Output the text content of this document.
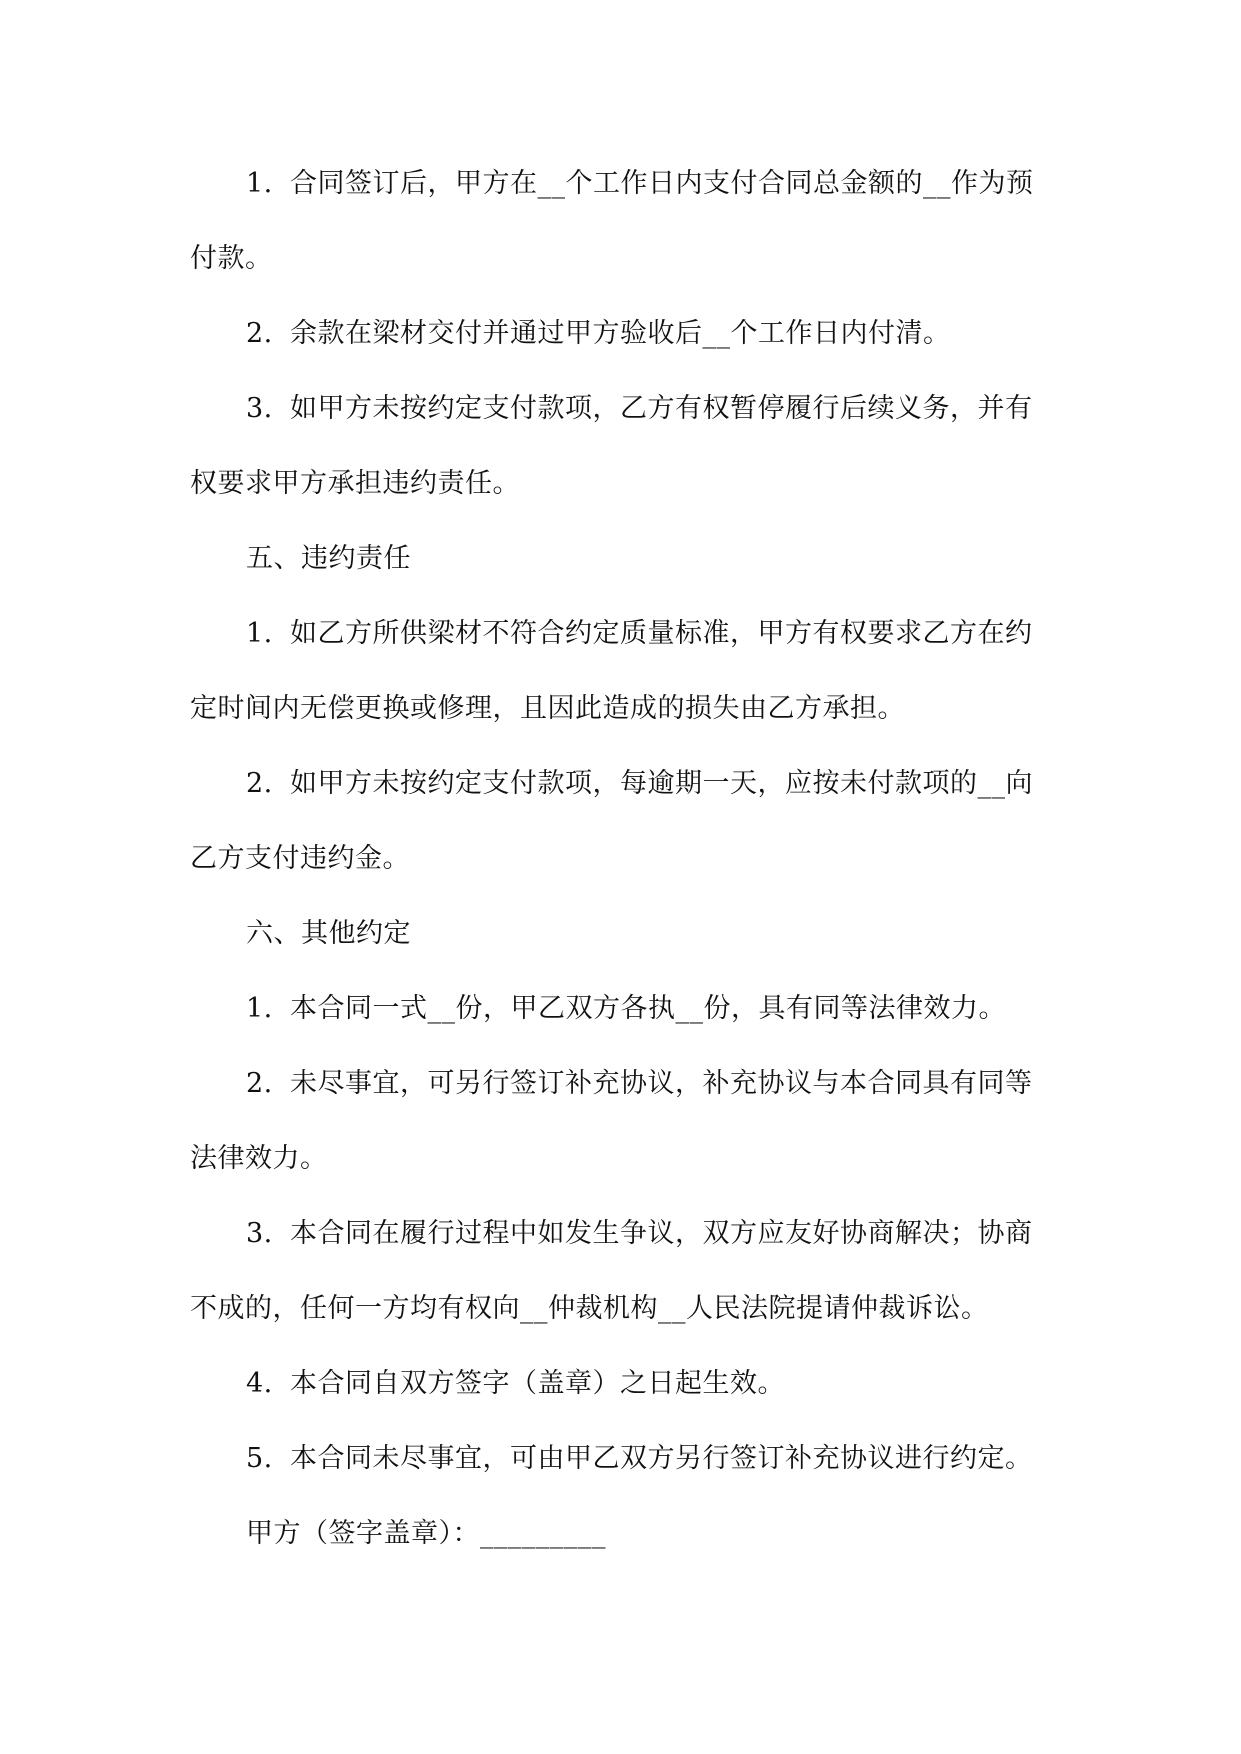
1. 合同签订后，甲方在__个工作日内支付合同总金额的__作为预付款。

2. 余款在梁材交付并通过甲方验收后__个工作日内付清。

3. 如甲方未按约定支付款项，乙方有权暂停履行后续义务，并有权要求甲方承担违约责任。

五、违约责任

1. 如乙方所供梁材不符合约定质量标准，甲方有权要求乙方在约定时间内无偿更换或修理，且因此造成的损失由乙方承担。

2. 如甲方未按约定支付款项，每逾期一天，应按未付款项的__向乙方支付违约金。

六、其他约定

1. 本合同一式__份，甲乙双方各执__份，具有同等法律效力。

2. 未尽事宜，可另行签订补充协议，补充协议与本合同具有同等法律效力。

3. 本合同在履行过程中如发生争议，双方应友好协商解决；协商不成的，任何一方均有权向__仲裁机构__人民法院提请仲裁诉讼。

4. 本合同自双方签字（盖章）之日起生效。

5. 本合同未尽事宜，可由甲乙双方另行签订补充协议进行约定。

甲方（签字盖章）：_________
